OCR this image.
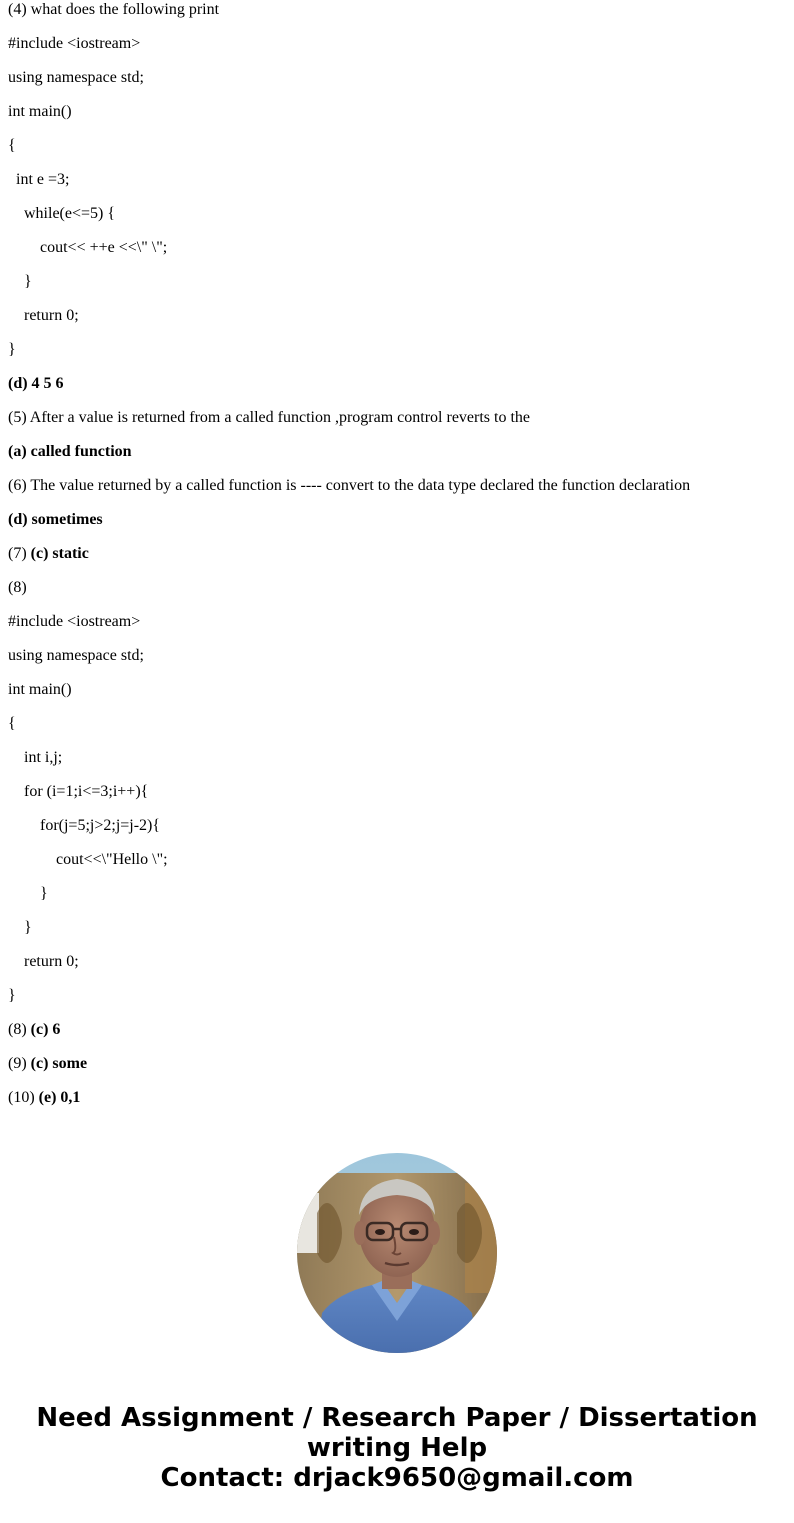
(4) what does the following print
#include <iostream>
using namespace std;
int main()
{
int e =3;
while(e<=5) {
cout<< ++e <<\" \";
}
return 0;
}
(d) 4 5 6
(5) After a value is returned from a called function ,program control reverts to the
(a) called function
(6) The value returned by a called function is ---- convert to the data type declared the function declaration
(d) sometimes
(7) (c) static
(8)
#include <iostream>
using namespace std;
int main()
{
int i,j;
for (i=1;i<=3;i++){
for(j=5;j>2;j=j-2){
cout<<\"Hello \";
}
}
return 0;
}
(8) (c) 6
(9) (c) some
(10) (e) 0,1
Need Assignment / Research Paper / Dissertation
writing Help
Contact: drjack9650@gmail.com
